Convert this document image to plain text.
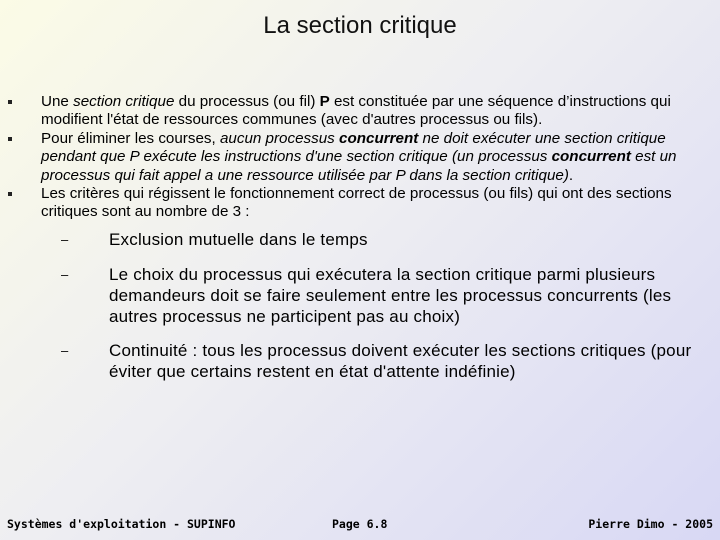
La section critique
Une section critique du processus (ou fil) P est constituée par une séquence d’instructions qui modifient l'état de ressources communes (avec d'autres processus ou fils).
Pour éliminer les courses, aucun processus concurrent ne doit exécuter une section critique pendant que P exécute les instructions d'une section critique (un processus concurrent est un processus qui fait appel a une ressource utilisée par P dans la section critique).
Les critères qui régissent le fonctionnement correct de processus (ou fils) qui ont des sections critiques sont au nombre de 3 :
– Exclusion mutuelle dans le temps
– Le choix du processus qui exécutera la section critique parmi plusieurs demandeurs doit se faire seulement entre les processus concurrents (les autres processus ne participent pas au choix)
– Continuité : tous les processus doivent exécuter les sections critiques (pour éviter que certains restent en état d'attente indéfinie)
Systèmes d'exploitation - SUPINFO	Page 6.8	Pierre Dimo - 2005
